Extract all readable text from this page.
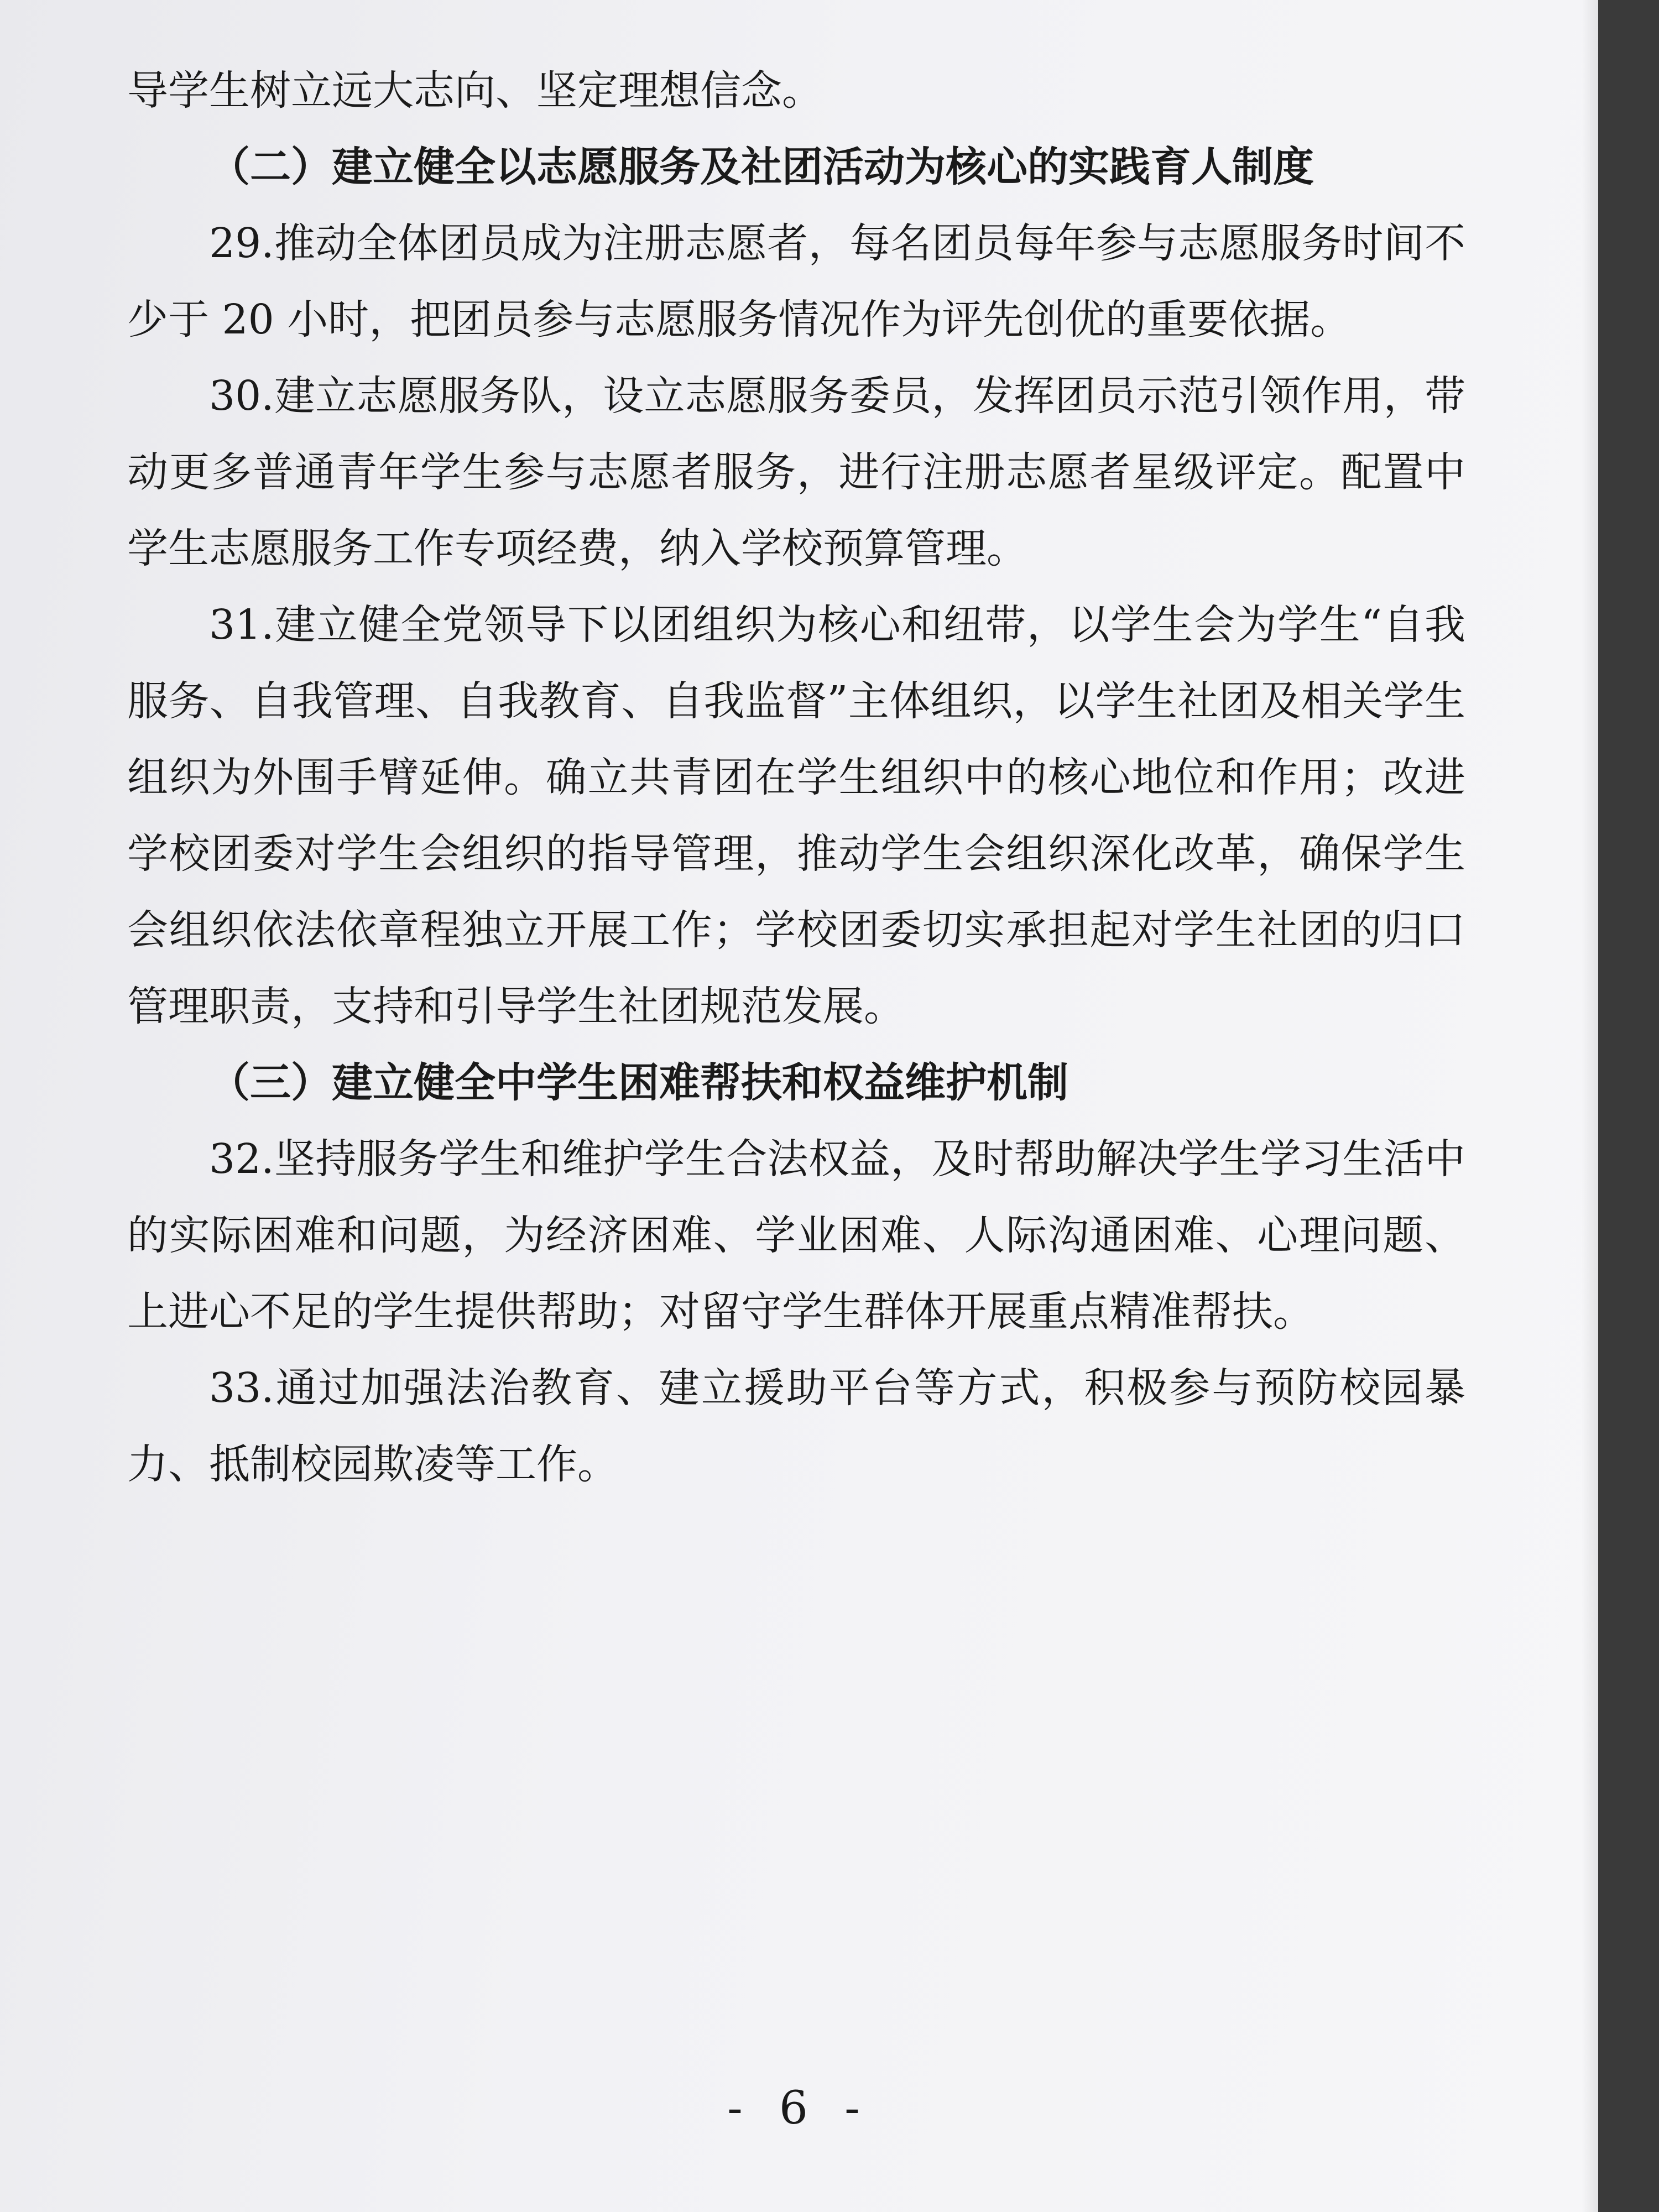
导学生树立远大志向、坚定理想信念。

（二）建立健全以志愿服务及社团活动为核心的实践育人制度

29.推动全体团员成为注册志愿者，每名团员每年参与志愿服务时间不少于 20 小时，把团员参与志愿服务情况作为评先创优的重要依据。

30.建立志愿服务队，设立志愿服务委员，发挥团员示范引领作用，带动更多普通青年学生参与志愿者服务，进行注册志愿者星级评定。配置中学生志愿服务工作专项经费，纳入学校预算管理。

31.建立健全党领导下以团组织为核心和纽带，以学生会为学生“自我服务、自我管理、自我教育、自我监督”主体组织，以学生社团及相关学生组织为外围手臂延伸。确立共青团在学生组织中的核心地位和作用；改进学校团委对学生会组织的指导管理，推动学生会组织深化改革，确保学生会组织依法依章程独立开展工作；学校团委切实承担起对学生社团的归口管理职责，支持和引导学生社团规范发展。

（三）建立健全中学生困难帮扶和权益维护机制

32.坚持服务学生和维护学生合法权益，及时帮助解决学生学习生活中的实际困难和问题，为经济困难、学业困难、人际沟通困难、心理问题、上进心不足的学生提供帮助；对留守学生群体开展重点精准帮扶。

33.通过加强法治教育、建立援助平台等方式，积极参与预防校园暴力、抵制校园欺凌等工作。

- 6 -
